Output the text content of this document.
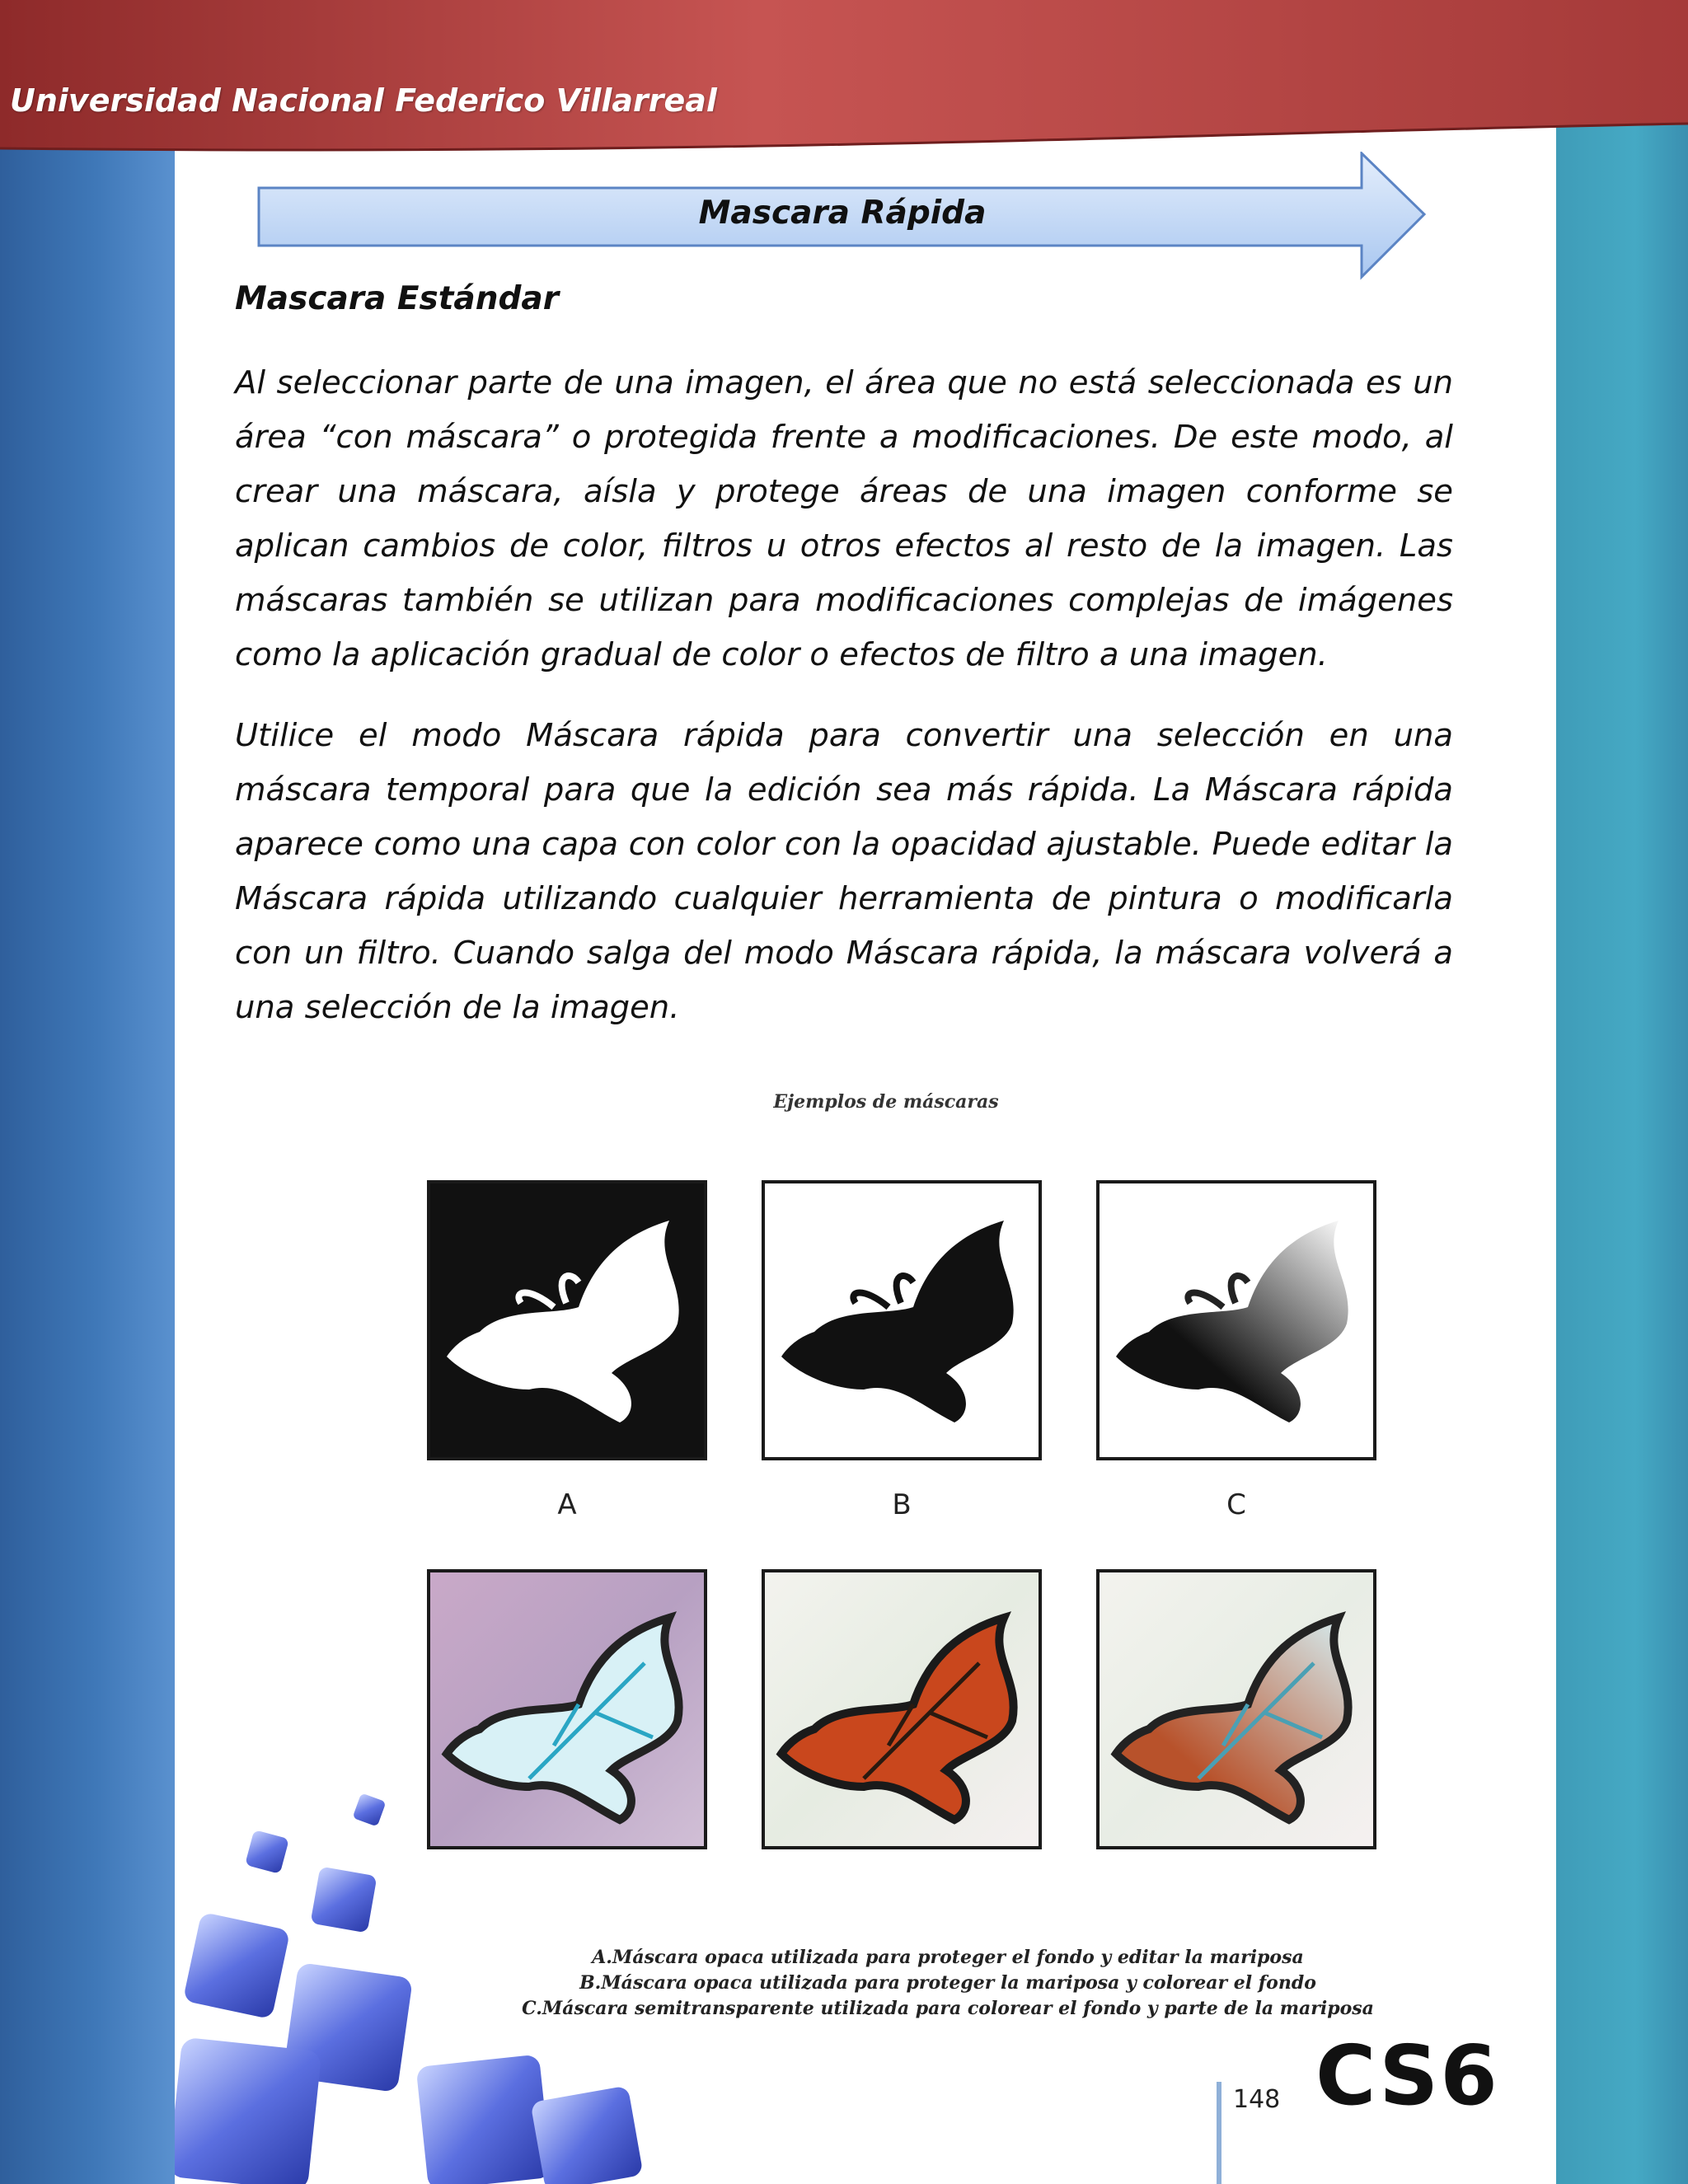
Universidad Nacional Federico Villarreal
Mascara Rápida
Mascara Estándar

Al seleccionar parte de una imagen, el área que no está seleccionada es un área “con máscara” o protegida frente a modificaciones. De este modo, al crear una máscara, aísla y protege áreas de una imagen conforme se aplican cambios de color, filtros u otros efectos al resto de la imagen. Las máscaras también se utilizan para modificaciones complejas de imágenes como la aplicación gradual de color o efectos de filtro a una imagen.

Utilice el modo Máscara rápida para convertir una selección en una máscara temporal para que la edición sea más rápida. La Máscara rápida aparece como una capa con color con la opacidad ajustable. Puede editar la Máscara rápida utilizando cualquier herramienta de pintura o modificarla con un filtro. Cuando salga del modo Máscara rápida, la máscara volverá a una selección de la imagen.

Ejemplos de máscaras
A	B	C
A.Máscara opaca utilizada para proteger el fondo y editar la mariposa
B.Máscara opaca utilizada para proteger la mariposa y colorear el fondo
C.Máscara semitransparente utilizada para colorear el fondo y parte de la mariposa
148 CS6
